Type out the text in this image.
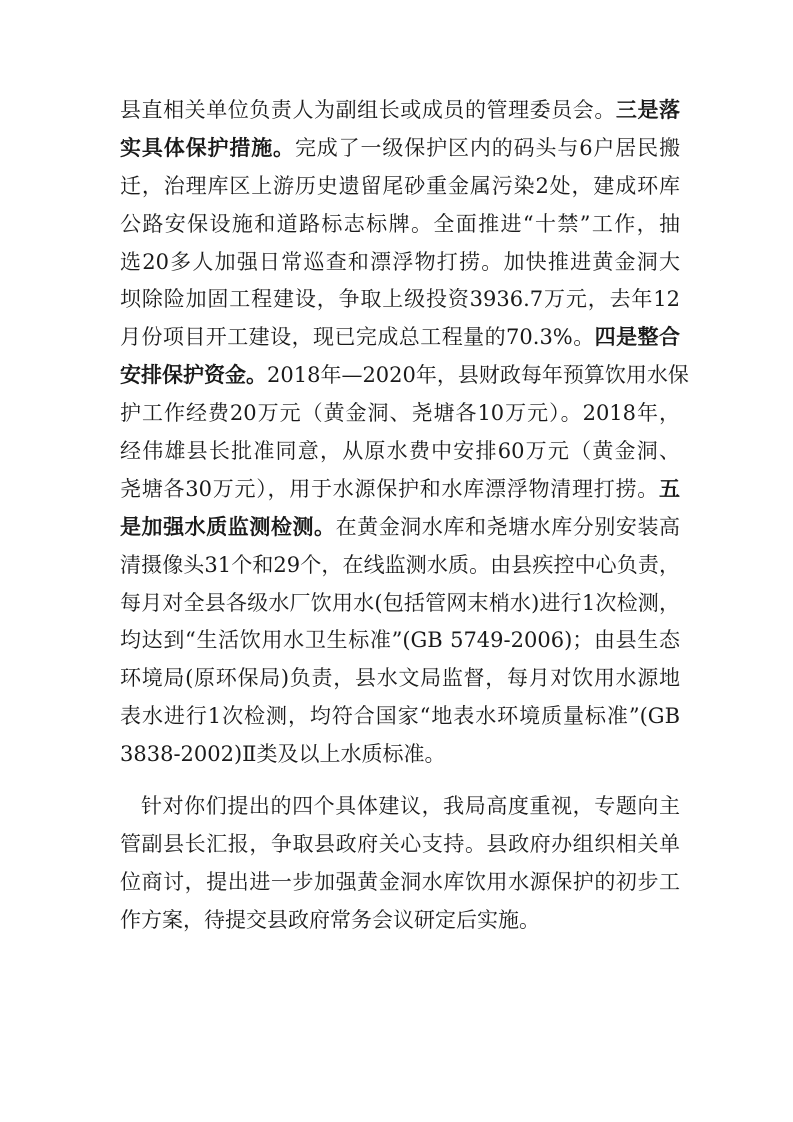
县直相关单位负责人为副组长或成员的管理委员会。三是落
实具体保护措施。完成了一级保护区内的码头与6户居民搬
迁，治理库区上游历史遗留尾砂重金属污染2处，建成环库
公路安保设施和道路标志标牌。全面推进“十禁”工作，抽
选20多人加强日常巡查和漂浮物打捞。加快推进黄金洞大
坝除险加固工程建设，争取上级投资3936.7万元，去年12
月份项目开工建设，现已完成总工程量的70.3%。四是整合
安排保护资金。2018年—2020年，县财政每年预算饮用水保
护工作经费20万元（黄金洞、尧塘各10万元）。2018年，
经伟雄县长批准同意，从原水费中安排60万元（黄金洞、
尧塘各30万元），用于水源保护和水库漂浮物清理打捞。五
是加强水质监测检测。在黄金洞水库和尧塘水库分别安装高
清摄像头31个和29个，在线监测水质。由县疾控中心负责，
每月对全县各级水厂饮用水(包括管网末梢水)进行1次检测，
均达到“生活饮用水卫生标准”(GB 5749-2006)；由县生态
环境局(原环保局)负责，县水文局监督，每月对饮用水源地
表水进行1次检测，均符合国家“地表水环境质量标准”(GB
3838-2002)Ⅱ类及以上水质标准。
针对你们提出的四个具体建议，我局高度重视，专题向主
管副县长汇报，争取县政府关心支持。县政府办组织相关单
位商讨，提出进一步加强黄金洞水库饮用水源保护的初步工
作方案，待提交县政府常务会议研定后实施。
